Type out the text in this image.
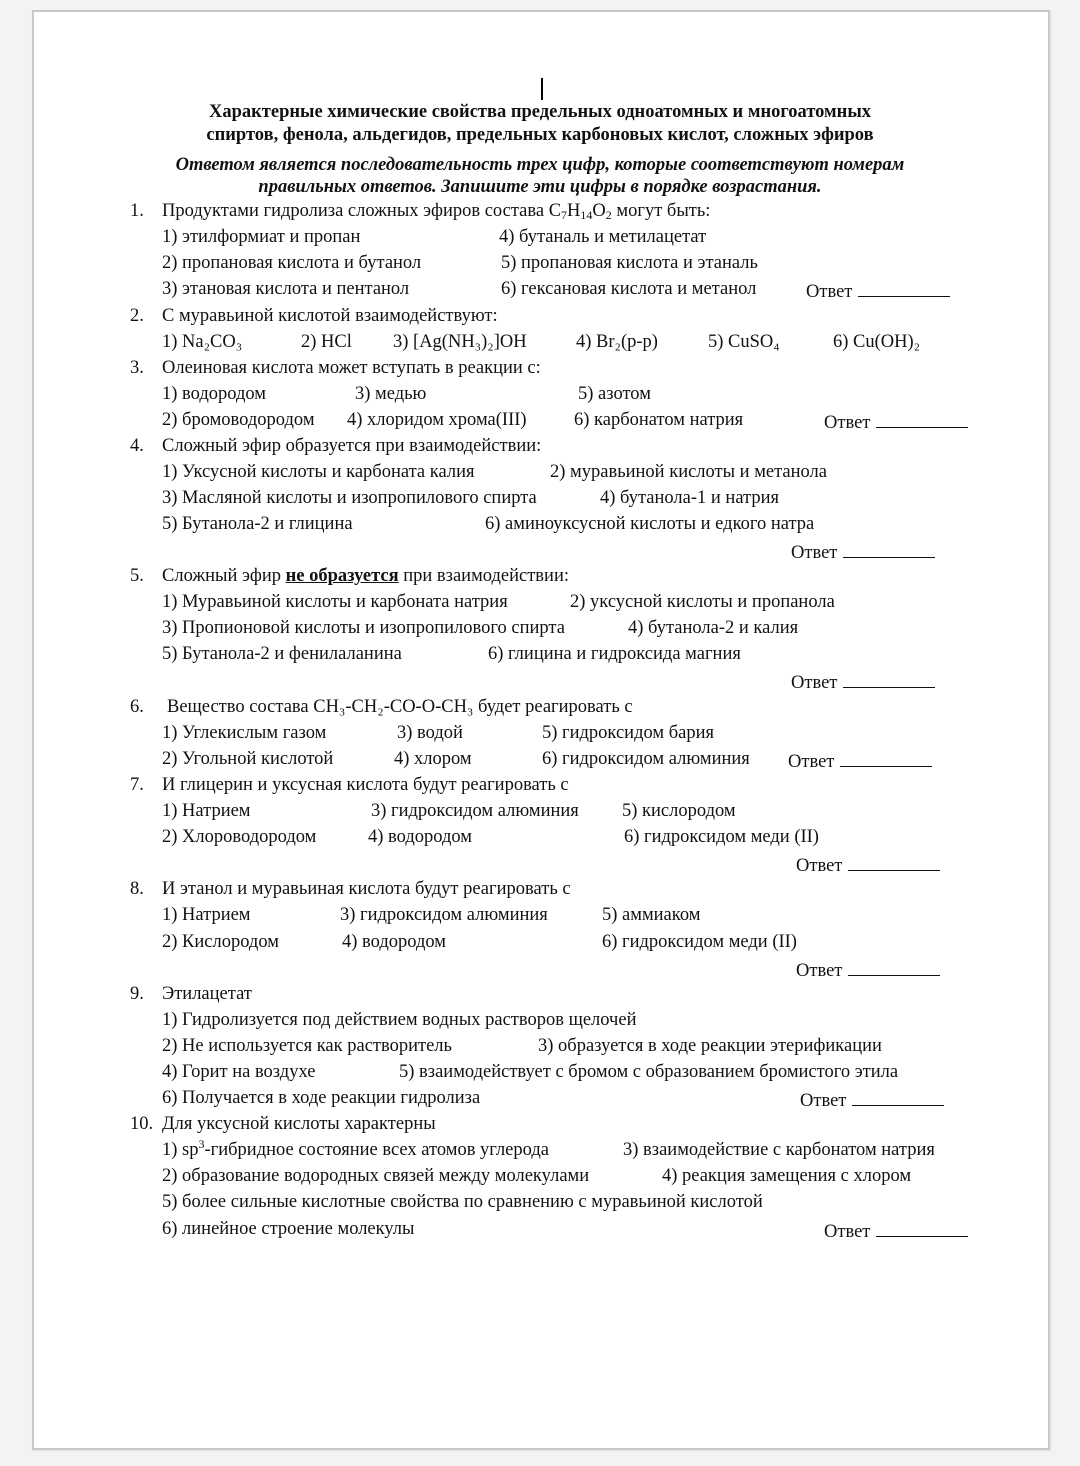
Характерные химические свойства предельных одноатомных и многоатомных
спиртов, фенола, альдегидов, предельных карбоновых кислот, сложных эфиров
Ответом является последовательность трех цифр, которые соответствуют номерам
правильных ответов. Запишите эти цифры в порядке возрастания.
1. Продуктами гидролиза сложных эфиров состава $C_7H_{14}O_2$ могут быть:
1) этилформиат и пропан
2) пропановая кислота и бутанол
3) этановая кислота и пентанол
4) бутаналь и метилацетат
5) пропановая кислота и этаналь
6) гексановая кислота и метанол	Ответ
2. С муравьиной кислотой взаимодействуют:
1) Na₂CO₃	2) HCl 3) [Ag(NH₃)₂]OH	4) Br₂(р-р)	5) CuSO₄	6) Cu(OH)₂
3. Олеиновая кислота может вступать в реакции с:
1) водородом
2) бромоводородом
3) медью
4) хлоридом хрома(III)
5) азотом
6) карбонатом натрия	Ответ
4. Сложный эфир образуется при взаимодействии:
1) Уксусной кислоты и карбоната калия	2) муравьиной кислоты и метанола
3) Масляной кислоты и изопропилового спирта	4) бутанола-1 и натрия
5) Бутанола-2 и глицина	6) аминоуксусной кислоты и едкого натра
Ответ
5. Сложный эфир не образуется при взаимодействии:
1) Муравьиной кислоты и карбоната натрия	2) уксусной кислоты и пропанола
3) Пропионовой кислоты и изопропилового спирта	4) бутанола-2 и калия
5) Бутанола-2 и фенилаланина	6) глицина и гидроксида магния
Ответ
6. Вещество состава CH₃-CH₂-CO-O-CH₃ будет реагировать с
1) Углекислым газом
2) Угольной кислотой
3) водой
4) хлором
5) гидроксидом бария
6) гидроксидом алюминия Ответ
7. И глицерин и уксусная кислота будут реагировать с
1) Натрием
2) Хлороводородом
3) гидроксидом алюминия
4) водородом
5) кислородом
6) гидроксидом меди (II)
Ответ
8. И этанол и муравьиная кислота будут реагировать с
1) Натрием
2) Кислородом
3) гидроксидом алюминия
4) водородом
5) аммиаком
6) гидроксидом меди (II)
Ответ
9. Этилацетат
1) Гидролизуется под действием водных растворов щелочей
2) Не используется как растворитель	3) образуется в ходе реакции этерификации
4) Горит на воздухе	5) взаимодействует с бромом с образованием бромистого этила
6) Получается в ходе реакции гидролиза	Ответ
10. Для уксусной кислоты характерны
1) $sp^3$-гибридное состояние всех атомов углерода	3) взаимодействие с карбонатом натрия
2) образование водородных связей между молекулами	4) реакция замещения с хлором
5) более сильные кислотные свойства по сравнению с муравьиной кислотой
6) линейное строение молекулы	Ответ
